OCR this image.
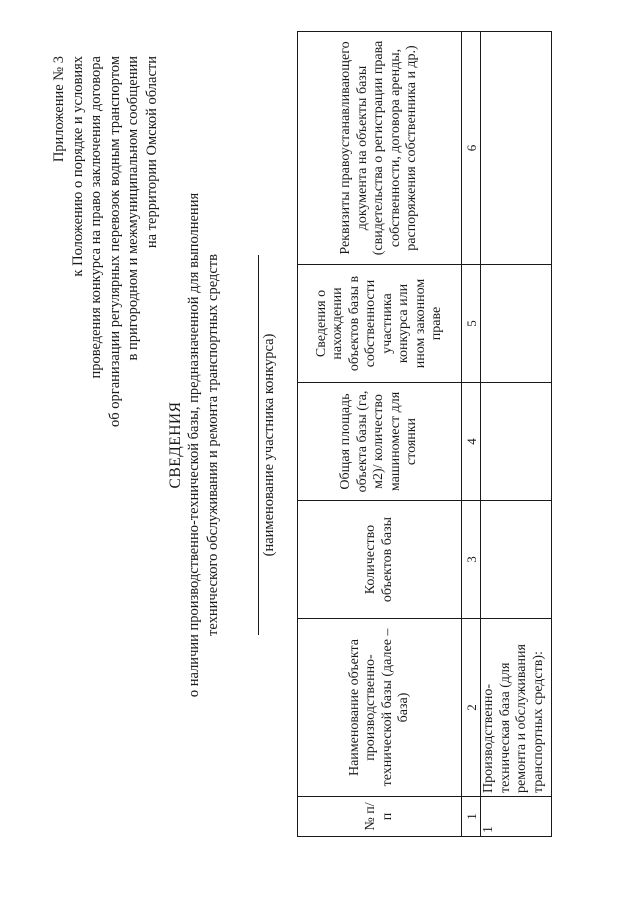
Приложение № 3 к Положению о порядке и условиях проведения конкурса на право заключения договора об организации регулярных перевозок водным транспортом в пригородном и межмуниципальном сообщении на территории Омской области
СВЕДЕНИЯ о наличии производственно-технической базы, предназначенной для выполнения технического обслуживания и ремонта транспортных средств	(наименование участника конкурса)
№ п/п	Наименование объекта производственно-технической базы (далее – база)	Количество объектов базы	Общая площадь объекта базы (га, м2)/ количество машиномест для стоянки	Сведения о нахождении объектов базы в собственности участника конкурса или ином законном праве	Реквизиты правоустанавливающего документа на объекты базы (свидетельства о регистрации права собственности, договора аренды, распоряжения собственника и др.)
1	2	3	4	5	6
1	Производственно-техническая база (для ремонта и обслуживания транспортных средств):				
